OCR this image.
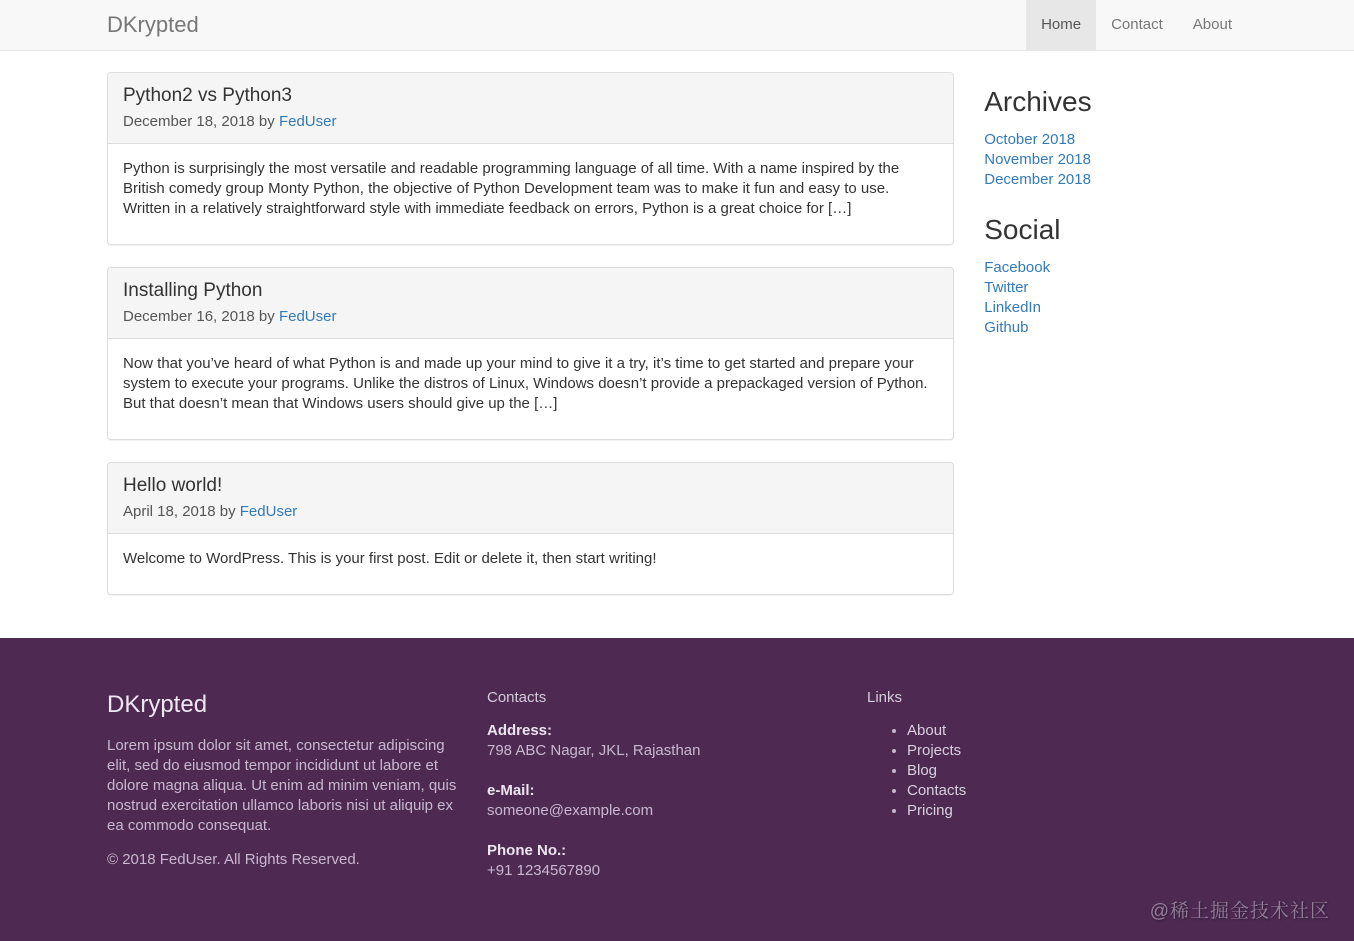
DKrypted	Home	Contact	About
Python2 vs Python3

December 18, 2018 by FedUser

Python is surprisingly the most versatile and readable programming language of all time. With a name inspired by the British comedy group Monty Python, the objective of Python Development team was to make it fun and easy to use. Written in a relatively straightforward style with immediate feedback on errors, Python is a great choice for […]

Installing Python

December 16, 2018 by FedUser

Now that you’ve heard of what Python is and made up your mind to give it a try, it’s time to get started and prepare your system to execute your programs. Unlike the distros of Linux, Windows doesn’t provide a prepackaged version of Python. But that doesn’t mean that Windows users should give up the […]

Hello world!

April 18, 2018 by FedUser

Welcome to WordPress. This is your first post. Edit or delete it, then start writing!

Archives
October 2018
November 2018
December 2018
Social
Facebook
Twitter
LinkedIn
Github
DKrypted

Lorem ipsum dolor sit amet, consectetur adipiscing elit, sed do eiusmod tempor incididunt ut labore et dolore magna aliqua. Ut enim ad minim veniam, quis nostrud exercitation ullamco laboris nisi ut aliquip ex ea commodo consequat.

© 2018 FedUser. All Rights Reserved.

Contacts
Address:
798 ABC Nagar, JKL, Rajasthan
e-Mail:
someone@example.com
Phone No.:
+91 1234567890
Links
• About
• Projects
• Blog
• Contacts
• Pricing
@稀土掘金技术社区
